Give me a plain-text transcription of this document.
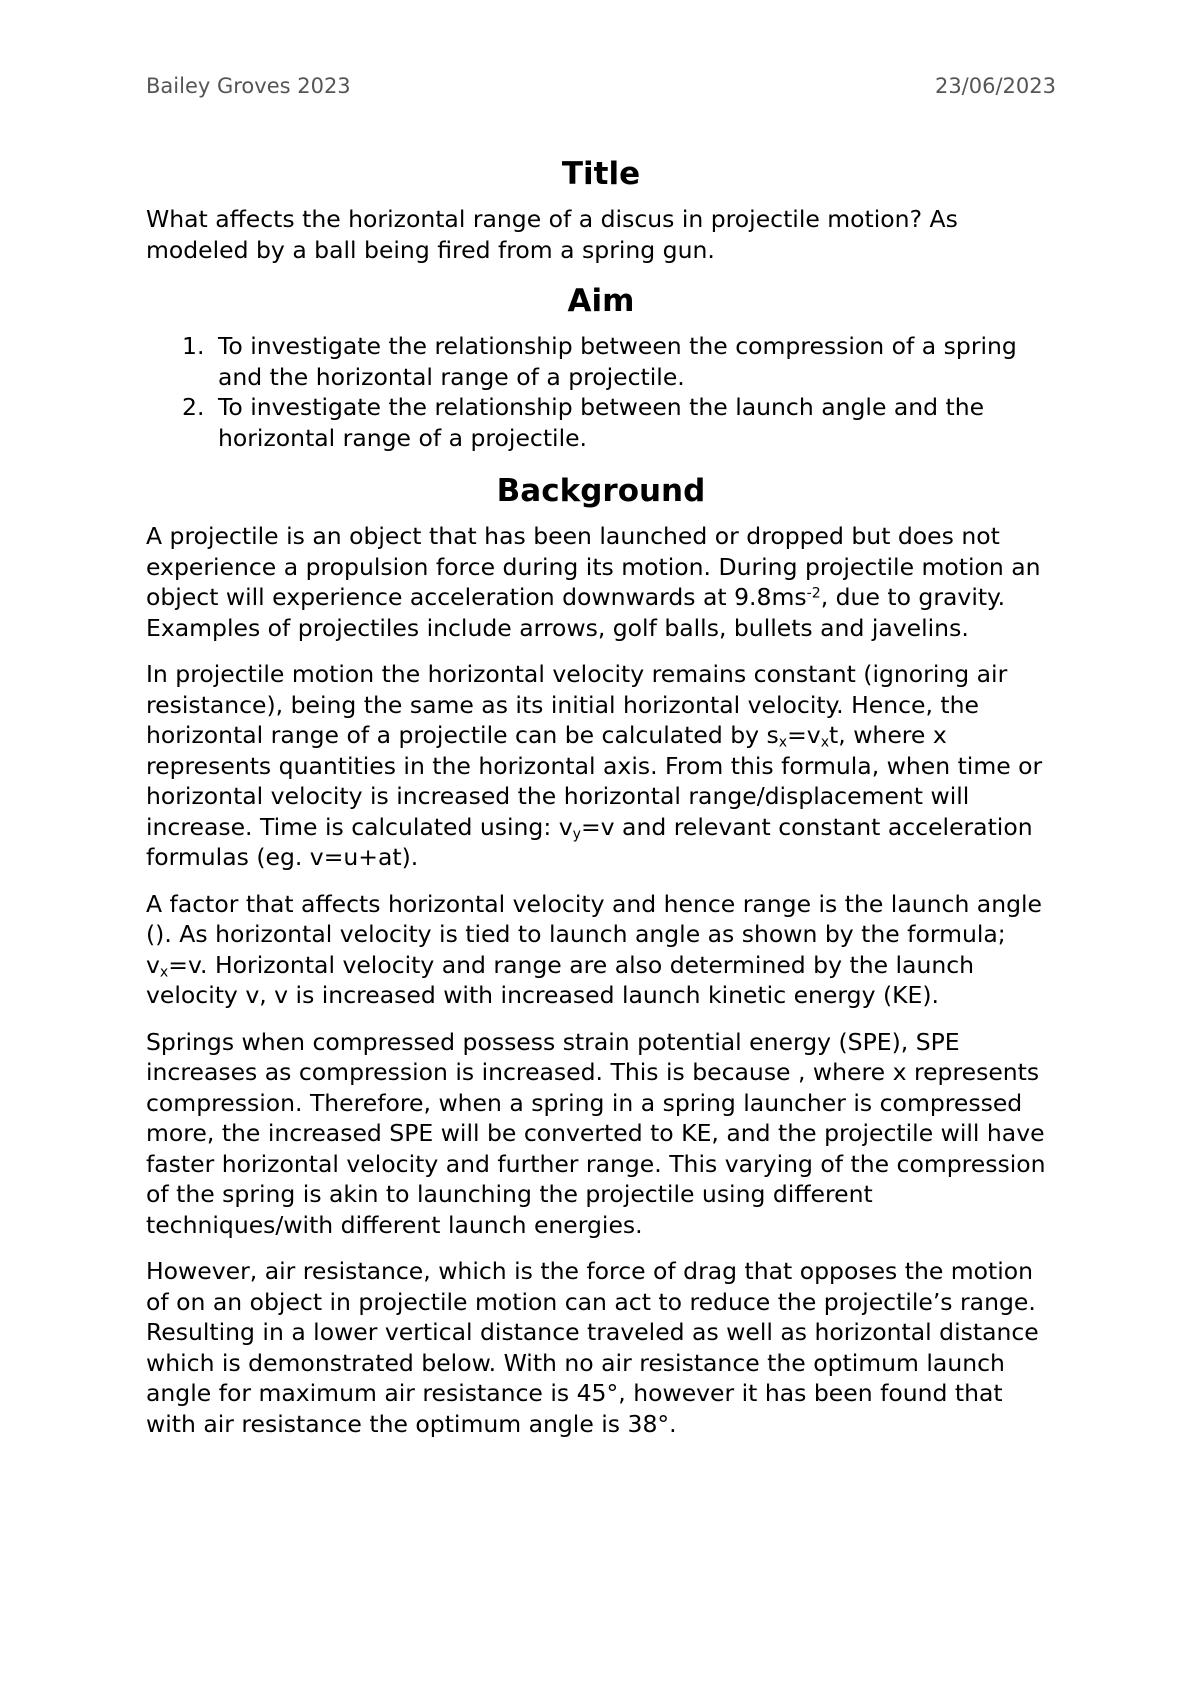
Bailey Groves 2023	23/06/2023
Title

What affects the horizontal range of a discus in projectile motion? As modeled by a ball being fired from a spring gun.

Aim
1. To investigate the relationship between the compression of a spring and the horizontal range of a projectile.
2. To investigate the relationship between the launch angle and the horizontal range of a projectile.
Background

A projectile is an object that has been launched or dropped but does not experience a propulsion force during its motion. During projectile motion an object will experience acceleration downwards at $9.8ms^{-2}$, due to gravity. Examples of projectiles include arrows, golf balls, bullets and javelins.

In projectile motion the horizontal velocity remains constant (ignoring air resistance), being the same as its initial horizontal velocity. Hence, the horizontal range of a projectile can be calculated by $s_x=v_xt$, where x represents quantities in the horizontal axis. From this formula, when time or horizontal velocity is increased the horizontal range/displacement will increase. Time is calculated using: $v_y=v$ and relevant constant acceleration formulas (eg. v=u+at).

A factor that affects horizontal velocity and hence range is the launch angle (). As horizontal velocity is tied to launch angle as shown by the formula; $v_x=v$. Horizontal velocity and range are also determined by the launch velocity v, v is increased with increased launch kinetic energy (KE).

Springs when compressed possess strain potential energy (SPE), SPE increases as compression is increased. This is because , where x represents compression. Therefore, when a spring in a spring launcher is compressed more, the increased SPE will be converted to KE, and the projectile will have faster horizontal velocity and further range. This varying of the compression of the spring is akin to launching the projectile using different techniques/with different launch energies.

However, air resistance, which is the force of drag that opposes the motion of on an object in projectile motion can act to reduce the projectile’s range. Resulting in a lower vertical distance traveled as well as horizontal distance which is demonstrated below. With no air resistance the optimum launch angle for maximum air resistance is 45°, however it has been found that with air resistance the optimum angle is 38°.
